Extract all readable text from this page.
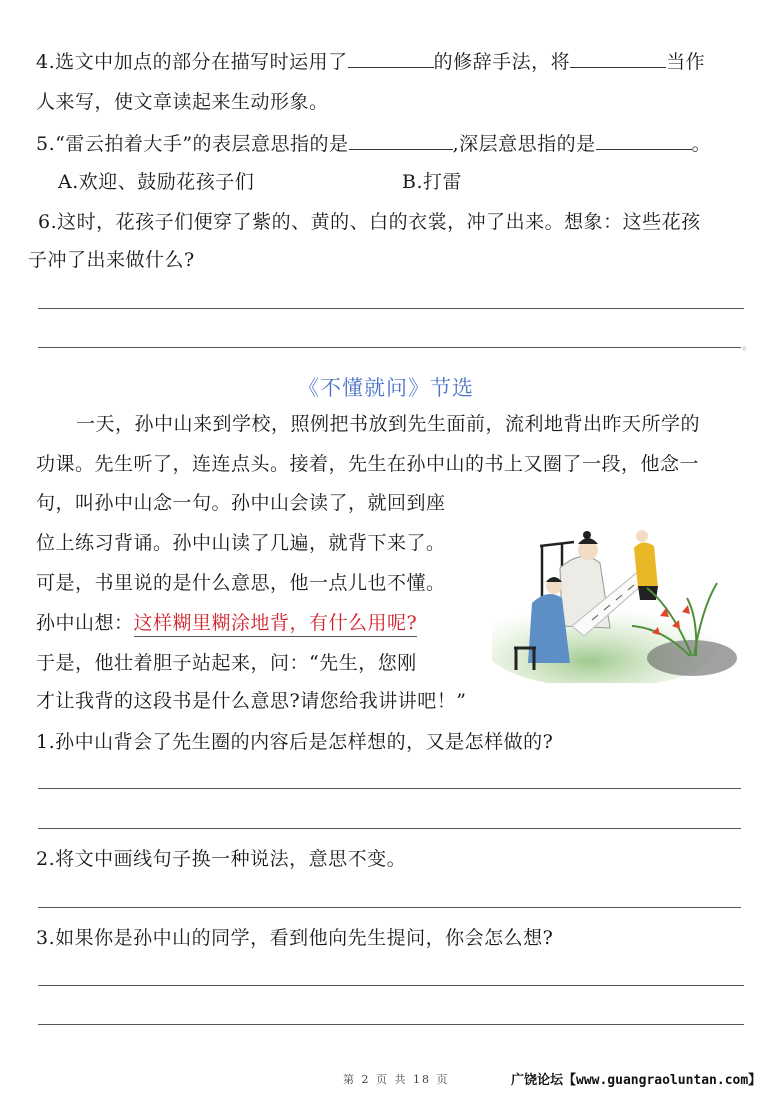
4.选文中加点的部分在描写时运用了	的修辞手法，将	当作
人来写，使文章读起来生动形象。
5.“雷云拍着大手”的表层意思指的是	,深层意思指的是	。
A.欢迎、鼓励花孩子们	B.打雷
6.这时，花孩子们便穿了紫的、黄的、白的衣裳，冲了出来。想象：这些花孩
子冲了出来做什么?
。
《不懂就问》节选
一天，孙中山来到学校，照例把书放到先生面前，流利地背出昨天所学的
功课。先生听了，连连点头。接着，先生在孙中山的书上又圈了一段，他念一
句，叫孙中山念一句。孙中山会读了，就回到座
位上练习背诵。孙中山读了几遍，就背下来了。
可是，书里说的是什么意思，他一点儿也不懂。
孙中山想：这样糊里糊涂地背，有什么用呢?
于是，他壮着胆子站起来，问：“先生，您刚
才让我背的这段书是什么意思?请您给我讲讲吧！”
1.孙中山背会了先生圈的内容后是怎样想的，又是怎样做的?
2.将文中画线句子换一种说法，意思不变。
3.如果你是孙中山的同学，看到他向先生提问，你会怎么想?
第 2 页 共 18 页	广饶论坛【www.guangraoluntan.com】
